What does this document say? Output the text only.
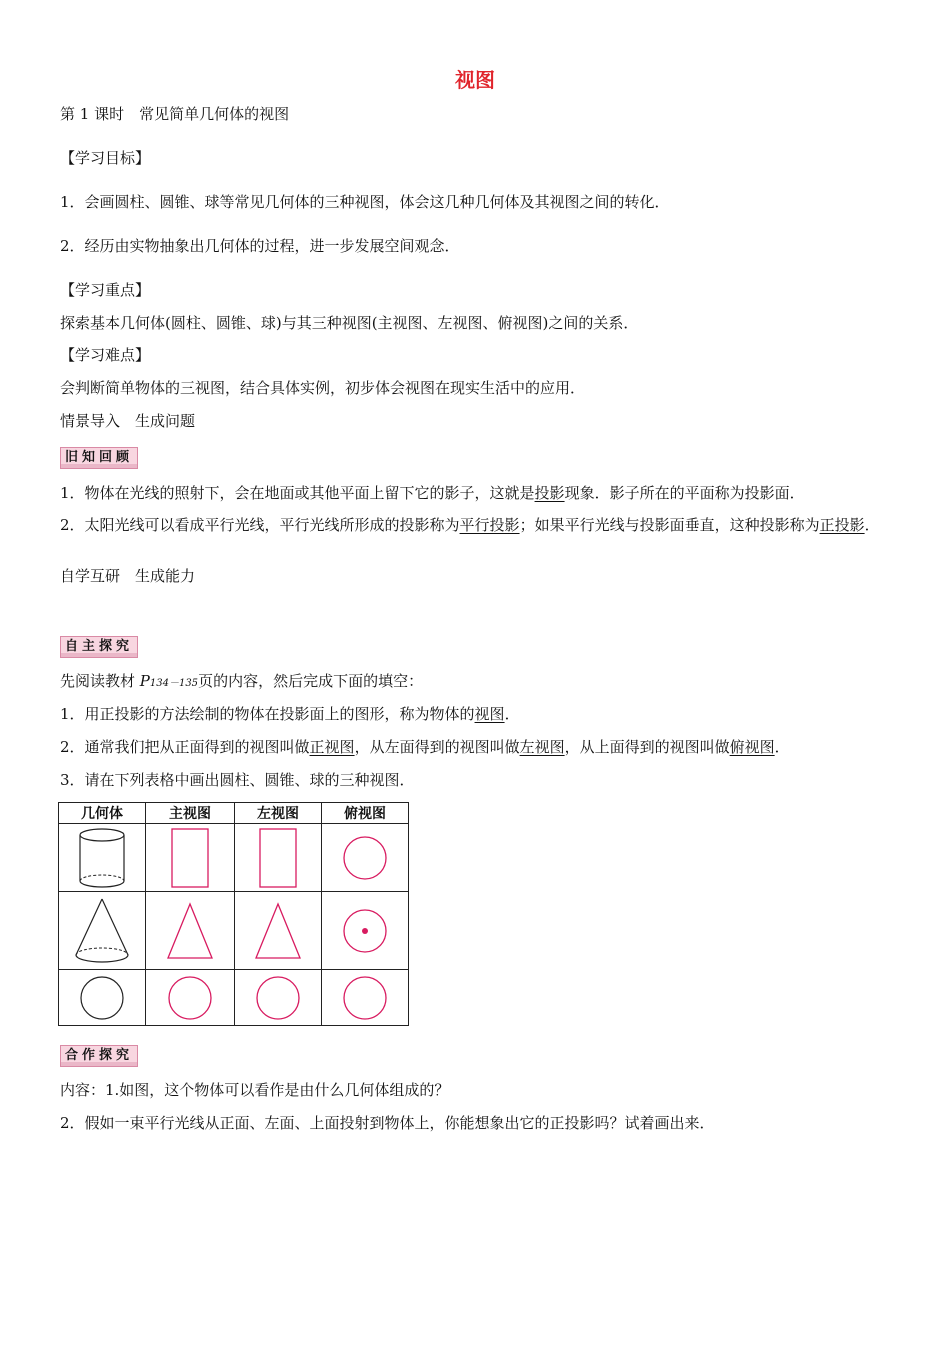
视图
第 1 课时　常见简单几何体的视图
【学习目标】
1．会画圆柱、圆锥、球等常见几何体的三种视图，体会这几种几何体及其视图之间的转化．
2．经历由实物抽象出几何体的过程，进一步发展空间观念．
【学习重点】
探索基本几何体(圆柱、圆锥、球)与其三种视图(主视图、左视图、俯视图)之间的关系．
【学习难点】
会判断简单物体的三视图，结合具体实例，初步体会视图在现实生活中的应用．
情景导入　生成问题
旧知回顾
1．物体在光线的照射下，会在地面或其他平面上留下它的影子，这就是投影现象．影子所在的平面称为投影面．
2．太阳光线可以看成平行光线，平行光线所形成的投影称为平行投影；如果平行光线与投影面垂直，这种投影称为正投影．
自学互研　生成能力
自主探究
先阅读教材 P134－135页的内容，然后完成下面的填空：
1．用正投影的方法绘制的物体在投影面上的图形，称为物体的视图．
2．通常我们把从正面得到的视图叫做正视图，从左面得到的视图叫做左视图，从上面得到的视图叫做俯视图．
3．请在下列表格中画出圆柱、圆锥、球的三种视图．
几何体	主视图	左视图	俯视图

合作探究
内容：1.如图，这个物体可以看作是由什么几何体组成的？
2．假如一束平行光线从正面、左面、上面投射到物体上，你能想象出它的正投影吗？试着画出来．
